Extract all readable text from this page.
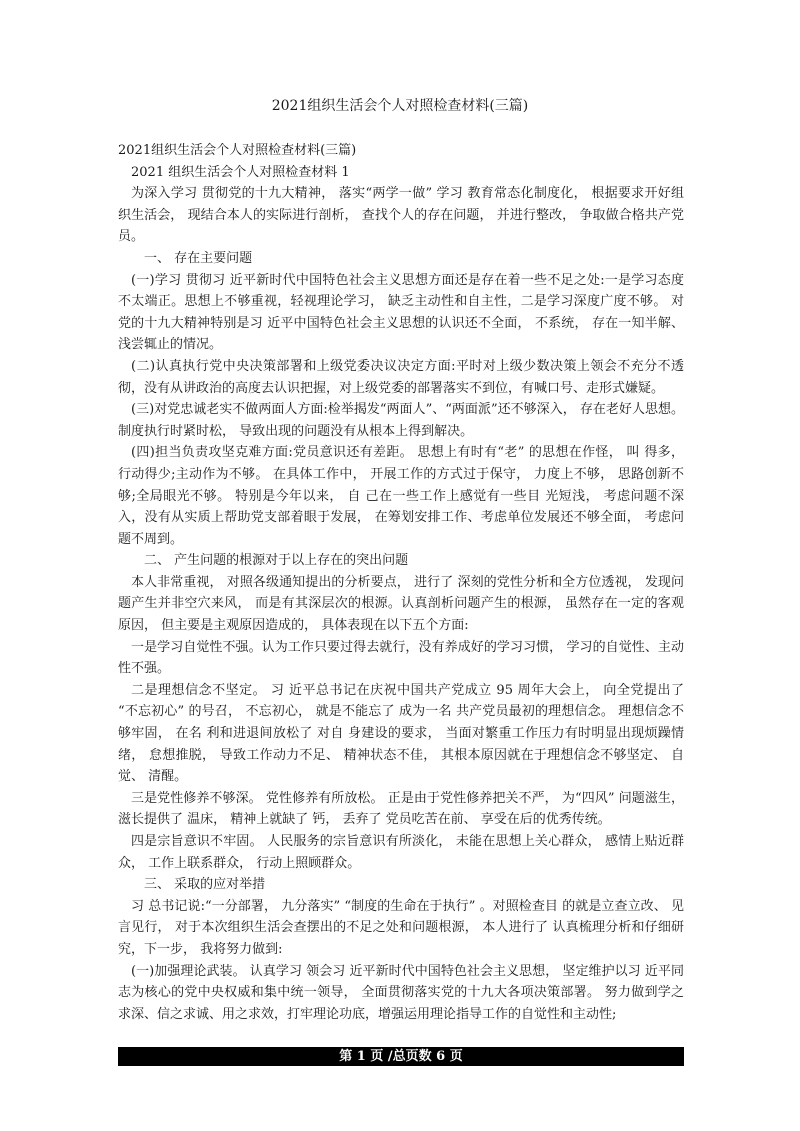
2021组织生活会个人对照检查材料(三篇)

2021组织生活会个人对照检查材料(三篇)

2021 组织生活会个人对照检查材料 1

为深入学习 贯彻党的十九大精神， 落实“两学一做” 学习 教育常态化制度化， 根据要求开好组织生活会， 现结合本人的实际进行剖析， 查找个人的存在问题， 并进行整改， 争取做合格共产党员。

一、 存在主要问题

(一)学习 贯彻习 近平新时代中国特色社会主义思想方面还是存在着一些不足之处:一是学习态度不太端正。思想上不够重视，轻视理论学习， 缺乏主动性和自主性，二是学习深度广度不够。 对党的十九大精神特别是习 近平中国特色社会主义思想的认识还不全面， 不系统， 存在一知半解、 浅尝辄止的情况。

(二)认真执行党中央决策部署和上级党委决议决定方面:平时对上级少数决策上领会不充分不透彻，没有从讲政治的高度去认识把握，对上级党委的部署落实不到位，有喊口号、走形式嫌疑。

(三)对党忠诚老实不做两面人方面:检举揭发“两面人”、“两面派”还不够深入， 存在老好人思想。 制度执行时紧时松， 导致出现的问题没有从根本上得到解决。

(四)担当负责攻坚克难方面:党员意识还有差距。 思想上有时有“老” 的思想在作怪， 叫 得多， 行动得少;主动作为不够。 在具体工作中， 开展工作的方式过于保守， 力度上不够， 思路创新不够;全局眼光不够。 特别是今年以来， 自 己在一些工作上感觉有一些目 光短浅， 考虑问题不深入，没有从实质上帮助党支部着眼于发展， 在筹划安排工作、考虑单位发展还不够全面， 考虑问题不周到。

二、 产生问题的根源对于以上存在的突出问题

本人非常重视， 对照各级通知提出的分析要点， 进行了 深刻的党性分析和全方位透视， 发现问题产生并非空穴来风， 而是有其深层次的根源。认真剖析问题产生的根源， 虽然存在一定的客观原因， 但主要是主观原因造成的， 具体表现在以下五个方面:

一是学习自觉性不强。认为工作只要过得去就行，没有养成好的学习习惯， 学习的自觉性、主动性不强。

二是理想信念不坚定。 习 近平总书记在庆祝中国共产党成立 95 周年大会上， 向全党提出了 “不忘初心” 的号召， 不忘初心， 就是不能忘了 成为一名 共产党员最初的理想信念。 理想信念不够牢固， 在名 利和进退间放松了 对自 身建设的要求， 当面对繁重工作压力有时明显出现烦躁情绪， 怠想推脱， 导致工作动力不足、 精神状态不佳， 其根本原因就在于理想信念不够坚定、 自 觉、 清醒。

三是党性修养不够深。 党性修养有所放松。 正是由于党性修养把关不严， 为“四风” 问题滋生， 滋长提供了 温床， 精神上就缺了 钙， 丢弃了 党员吃苦在前、 享受在后的优秀传统。

四是宗旨意识不牢固。 人民服务的宗旨意识有所淡化， 未能在思想上关心群众， 感情上贴近群众， 工作上联系群众， 行动上照顾群众。

三、 采取的应对举措

习 总书记说:“一分部署， 九分落实” “制度的生命在于执行” 。对照检查目 的就是立查立改、 见言见行， 对于本次组织生活会查摆出的不足之处和问题根源， 本人进行了 认真梳理分析和仔细研究，下一步， 我将努力做到:

(一)加强理论武装。 认真学习 领会习 近平新时代中国特色社会主义思想， 坚定维护以习 近平同志为核心的党中央权威和集中统一领导， 全面贯彻落实党的十九大各项决策部署。 努力做到学之求深、信之求诚、用之求效，打牢理论功底，增强运用理论指导工作的自觉性和主动性;

第 1 页 /总页数 6 页
